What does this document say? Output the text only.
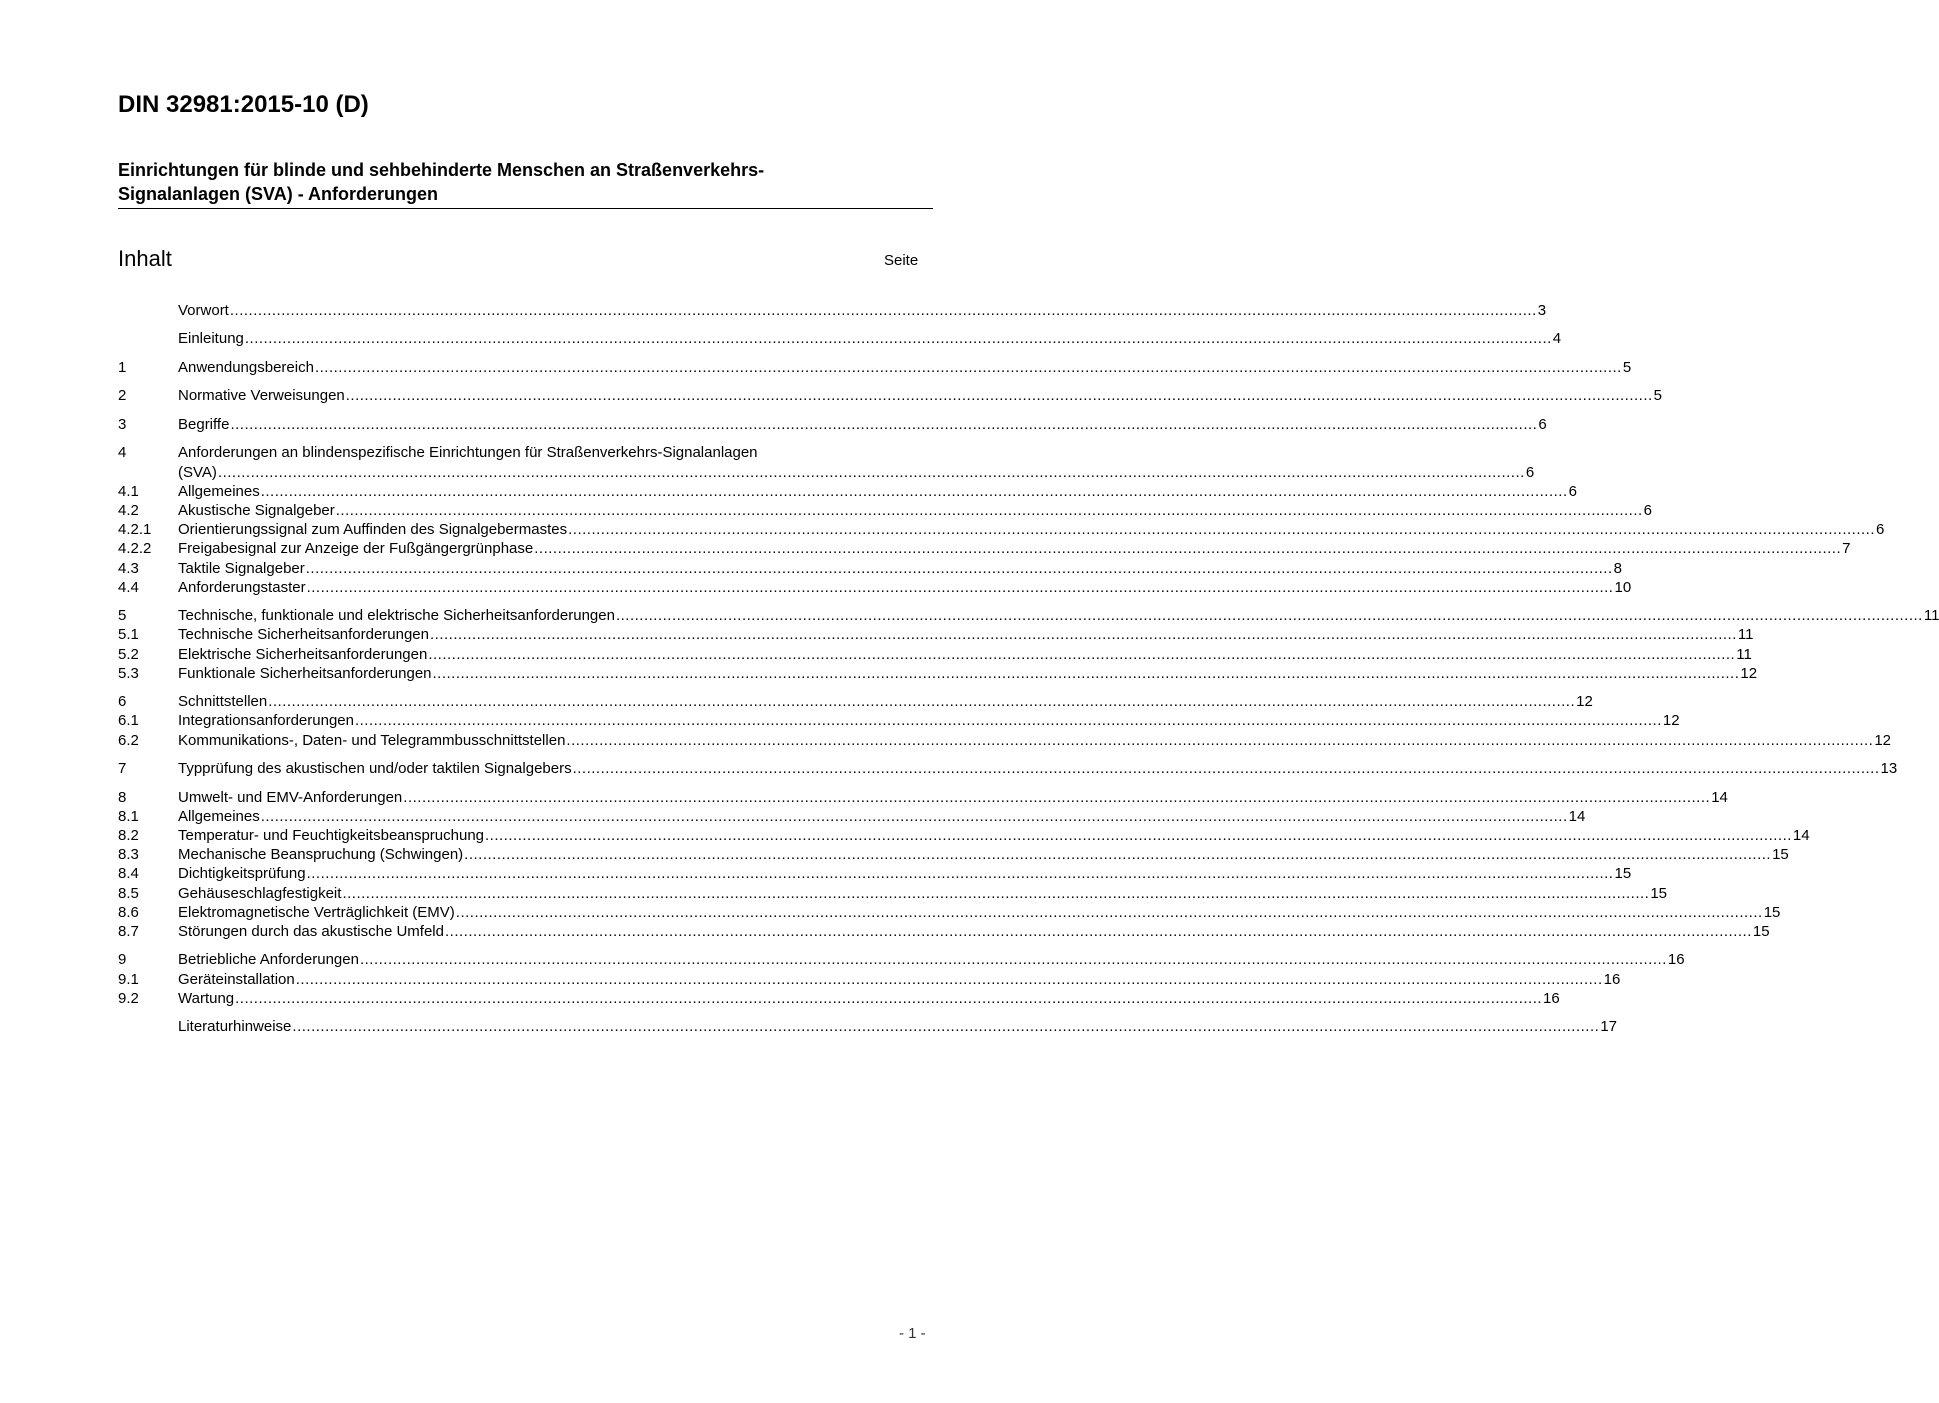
DIN 32981:2015-10 (D)
Einrichtungen für blinde und sehbehinderte Menschen an Straßenverkehrs-
Signalanlagen (SVA) - Anforderungen
Inhalt	Seite
Vorwort .....	3
Einleitung .....	4
1	Anwendungsbereich .....	5
2	Normative Verweisungen .....	5
3	Begriffe .....	6
4	Anforderungen an blindenspezifische Einrichtungen für Straßenverkehrs-Signalanlagen
(SVA) .....	6
4.1	Allgemeines .....	6
4.2	Akustische Signalgeber .....	6
4.2.1	Orientierungssignal zum Auffinden des Signalgebermastes .....	6
4.2.2	Freigabesignal zur Anzeige der Fußgängergrünphase .....	7
4.3	Taktile Signalgeber .....	8
4.4	Anforderungstaster .....	10
5	Technische, funktionale und elektrische Sicherheitsanforderungen .....	11
5.1	Technische Sicherheitsanforderungen .....	11
5.2	Elektrische Sicherheitsanforderungen .....	11
5.3	Funktionale Sicherheitsanforderungen .....	12
6	Schnittstellen .....	12
6.1	Integrationsanforderungen .....	12
6.2	Kommunikations-, Daten- und Telegrammbusschnittstellen .....	12
7	Typprüfung des akustischen und/oder taktilen Signalgebers .....	13
8	Umwelt- und EMV-Anforderungen .....	14
8.1	Allgemeines .....	14
8.2	Temperatur- und Feuchtigkeitsbeanspruchung .....	14
8.3	Mechanische Beanspruchung (Schwingen) .....	15
8.4	Dichtigkeitsprüfung .....	15
8.5	Gehäuseschlagfestigkeit .....	15
8.6	Elektromagnetische Verträglichkeit (EMV) .....	15
8.7	Störungen durch das akustische Umfeld .....	15
9	Betriebliche Anforderungen .....	16
9.1	Geräteinstallation .....	16
9.2	Wartung .....	16
Literaturhinweise .....	17
- 1 -
